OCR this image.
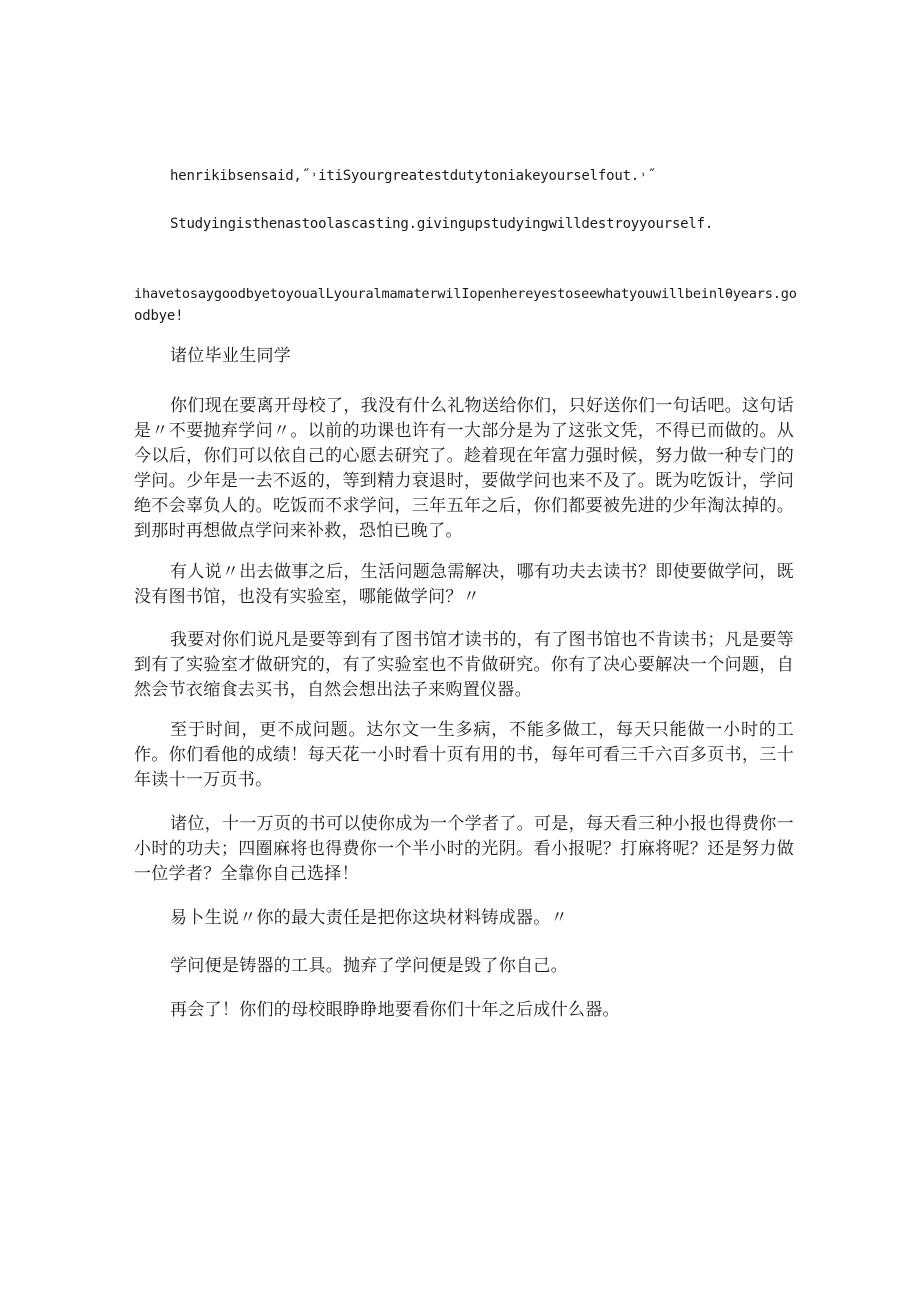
henrikibsensaid,˝˒itiSyourgreatestdutytoniakeyourselfout.˒˝
Studyingisthenastoolascasting.givingupstudyingwilldestroyyourself.
ihavetosaygoodbyetoyoualLyouralmamaterwilIopenhereyestoseewhatyouwillbeinlθyears.go
odbye!

诸位毕业生同学

你们现在要离开母校了，我没有什么礼物送给你们，只好送你们一句话吧。这句话是〃不要抛弃学问〃。以前的功课也许有一大部分是为了这张文凭，不得已而做的。从今以后，你们可以依自己的心愿去研究了。趁着现在年富力强时候，努力做一种专门的学问。少年是一去不返的，等到精力衰退时，要做学问也来不及了。既为吃饭计，学问绝不会辜负人的。吃饭而不求学问，三年五年之后，你们都要被先进的少年淘汰掉的。到那时再想做点学问来补救，恐怕已晚了。

有人说〃出去做事之后，生活问题急需解决，哪有功夫去读书？即使要做学问，既没有图书馆，也没有实验室，哪能做学问？〃

我要对你们说凡是要等到有了图书馆才读书的，有了图书馆也不肯读书；凡是要等到有了实验室才做研究的，有了实验室也不肯做研究。你有了决心要解决一个问题，自然会节衣缩食去买书，自然会想出法子来购置仪器。

至于时间，更不成问题。达尔文一生多病，不能多做工，每天只能做一小时的工作。你们看他的成绩！每天花一小时看十页有用的书，每年可看三千六百多页书，三十年读十一万页书。

诸位，十一万页的书可以使你成为一个学者了。可是，每天看三种小报也得费你一小时的功夫；四圈麻将也得费你一个半小时的光阴。看小报呢？打麻将呢？还是努力做一位学者？全靠你自己选择！

易卜生说〃你的最大责任是把你这块材料铸成器。〃

学问便是铸器的工具。抛弃了学问便是毁了你自己。

再会了！你们的母校眼睁睁地要看你们十年之后成什么器。
